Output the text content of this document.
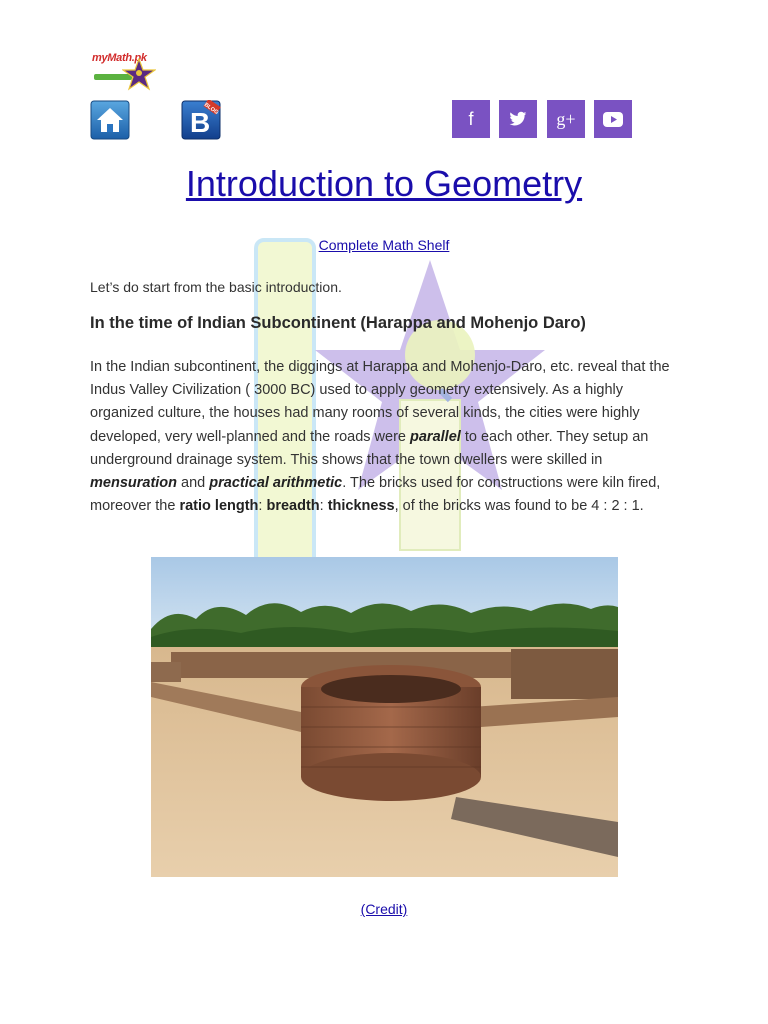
myMath.pk
B
BLOG	f	g+
Introduction to Geometry
Complete Math Shelf
Let’s do start from the basic introduction.
In the time of Indian Subcontinent (Harappa and Mohenjo Daro)
In the Indian subcontinent, the diggings at Harappa and Mohenjo-Daro, etc. reveal that the Indus Valley Civilization ( 3000 BC) used to apply geometry extensively. As a highly organized culture, the houses had many rooms of several kinds, the cities were highly developed, very well-planned and the roads were parallel to each other. They setup an underground drainage system. This shows that the town dwellers were skilled in mensuration and practical arithmetic. The bricks used for constructions were kiln fired, moreover the ratio length: breadth: thickness, of the bricks was found to be 4 : 2 : 1.
(Credit)
